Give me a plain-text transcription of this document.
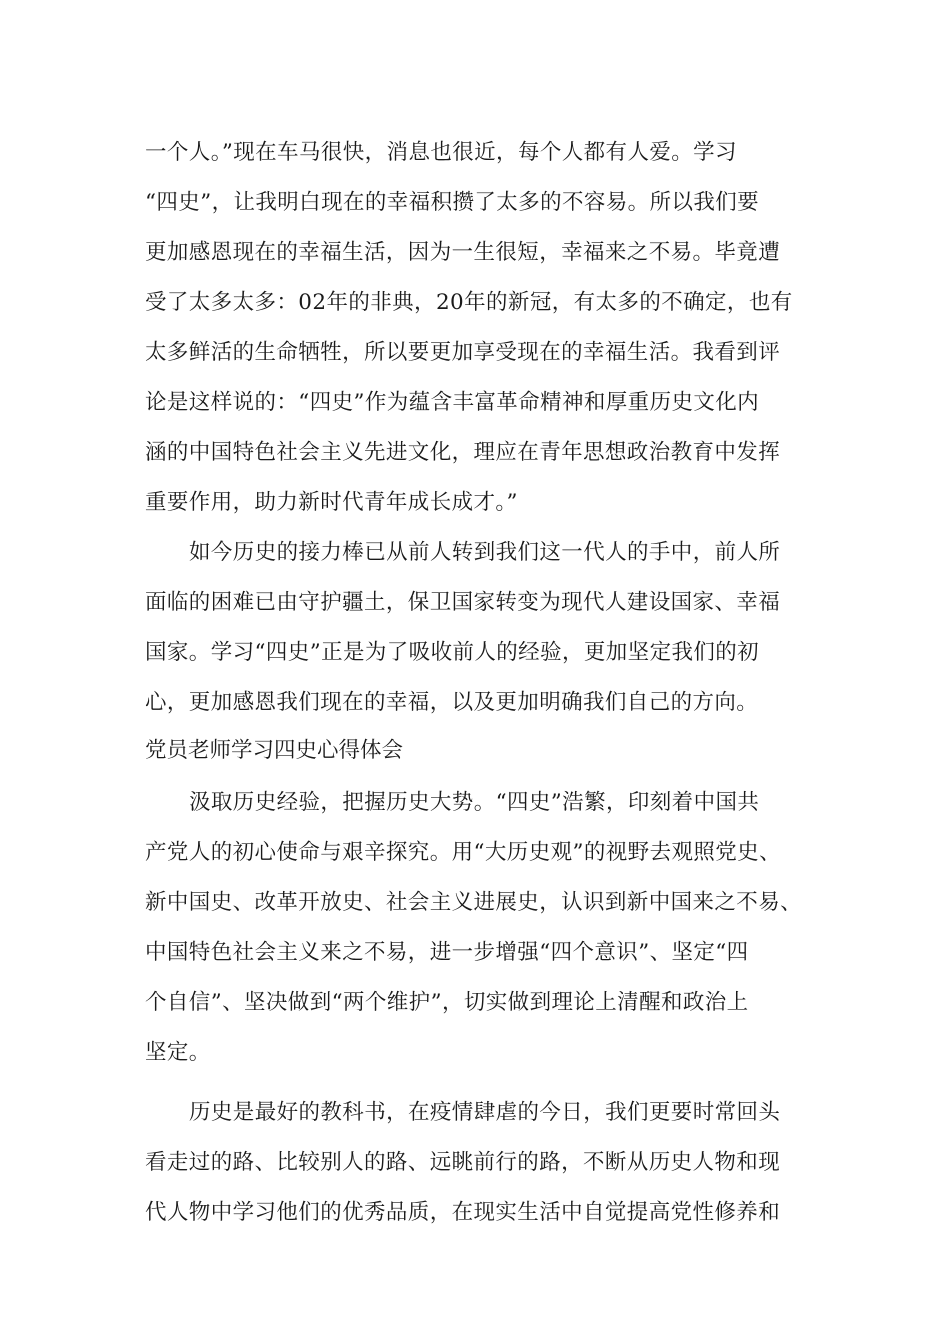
一个人。”现在车马很快，消息也很近，每个人都有人爱。学习
“四史”，让我明白现在的幸福积攒了太多的不容易。所以我们要
更加感恩现在的幸福生活，因为一生很短，幸福来之不易。毕竟遭
受了太多太多：02年的非典，20年的新冠，有太多的不确定，也有
太多鲜活的生命牺牲，所以要更加享受现在的幸福生活。我看到评
论是这样说的：“四史”作为蕴含丰富革命精神和厚重历史文化内
涵的中国特色社会主义先进文化，理应在青年思想政治教育中发挥
重要作用，助力新时代青年成长成才。”
如今历史的接力棒已从前人转到我们这一代人的手中，前人所
面临的困难已由守护疆土，保卫国家转变为现代人建设国家、幸福
国家。学习“四史”正是为了吸收前人的经验，更加坚定我们的初
心，更加感恩我们现在的幸福，以及更加明确我们自己的方向。
党员老师学习四史心得体会
汲取历史经验，把握历史大势。“四史”浩繁，印刻着中国共
产党人的初心使命与艰辛探究。用“大历史观”的视野去观照党史、
新中国史、改革开放史、社会主义进展史，认识到新中国来之不易、
中国特色社会主义来之不易，进一步增强“四个意识”、坚定“四
个自信”、坚决做到“两个维护”，切实做到理论上清醒和政治上
坚定。
历史是最好的教科书，在疫情肆虐的今日，我们更要时常回头
看走过的路、比较别人的路、远眺前行的路，不断从历史人物和现
代人物中学习他们的优秀品质，在现实生活中自觉提高党性修养和
